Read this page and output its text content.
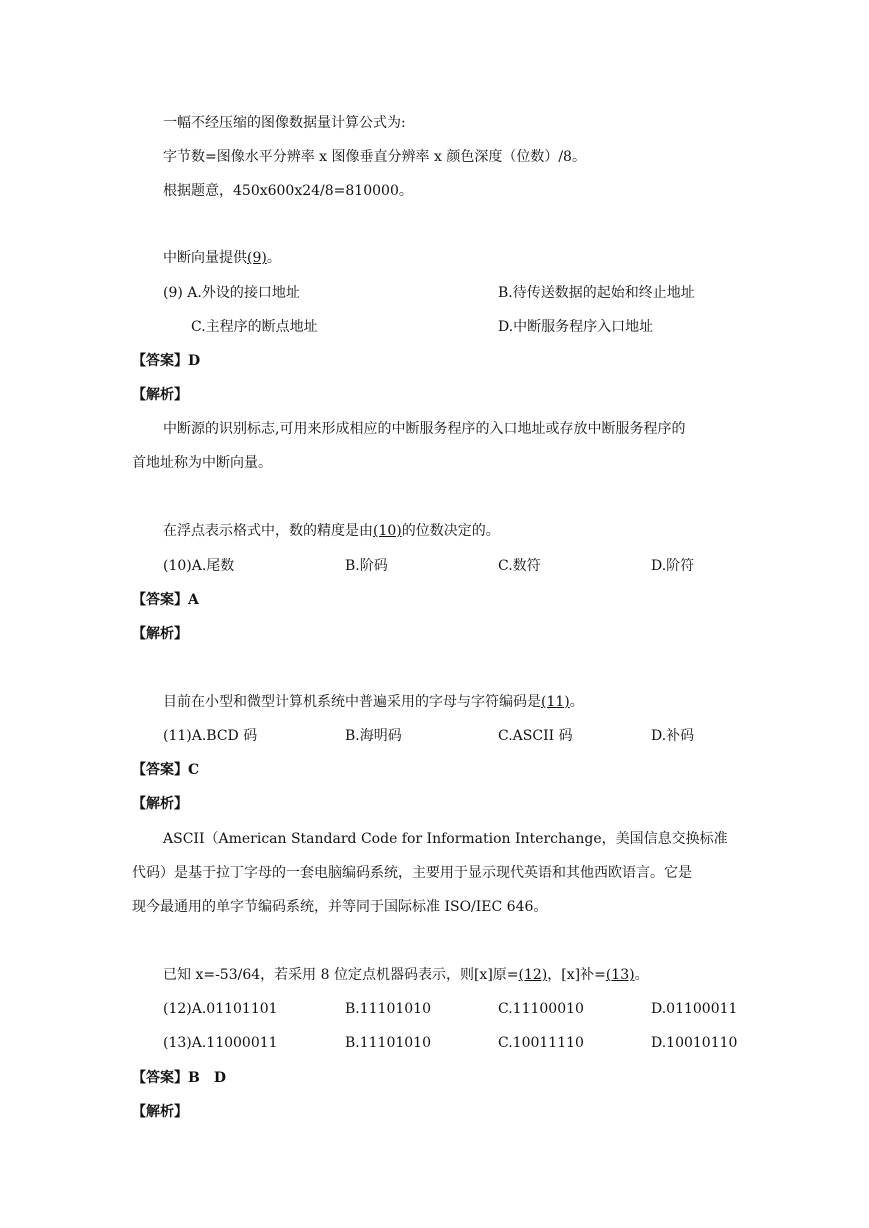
一幅不经压缩的图像数据量计算公式为:
字节数=图像水平分辨率 x 图像垂直分辨率 x 颜色深度（位数）/8。
根据题意，450x600x24/8=810000。
中断向量提供(9)。
(9) A.外设的接口地址	B.待传送数据的起始和终止地址
C.主程序的断点地址	D.中断服务程序入口地址
【答案】D
【解析】
中断源的识别标志,可用来形成相应的中断服务程序的入口地址或存放中断服务程序的
首地址称为中断向量。
在浮点表示格式中，数的精度是由(10)的位数决定的。
(10)A.尾数	B.阶码	C.数符	D.阶符
【答案】A
【解析】
目前在小型和微型计算机系统中普遍采用的字母与字符编码是(11)。
(11)A.BCD 码	B.海明码	C.ASCII 码	D.补码
【答案】C
【解析】
ASCII（American Standard Code for Information Interchange，美国信息交换标准
代码）是基于拉丁字母的一套电脑编码系统，主要用于显示现代英语和其他西欧语言。它是
现今最通用的单字节编码系统，并等同于国际标准 ISO/IEC 646。
已知 x=-53/64，若采用 8 位定点机器码表示，则[x]原=(12)，[x]补=(13)。
(12)A.01101101	B.11101010	C.11100010	D.01100011
(13)A.11000011	B.11101010	C.10011110	D.10010110
【答案】B　D
【解析】
